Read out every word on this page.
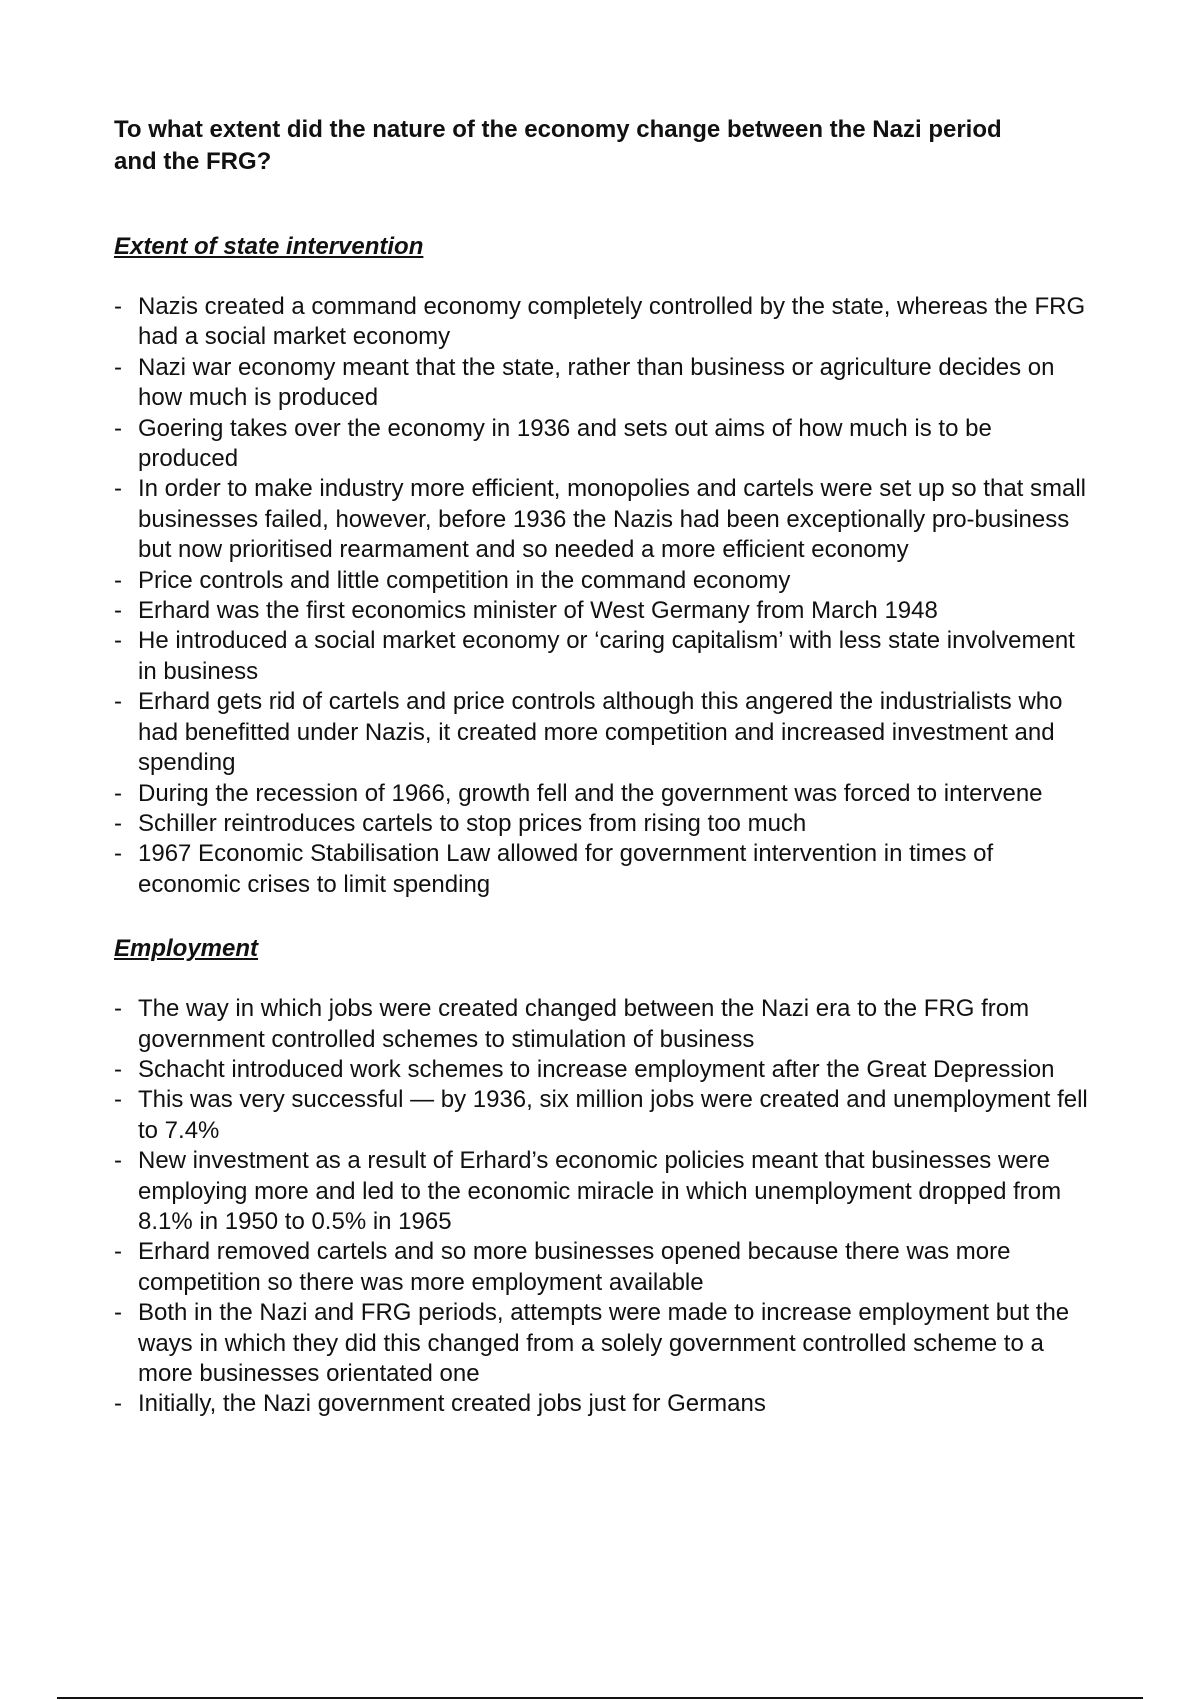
To what extent did the nature of the economy change between the Nazi period and the FRG?
Extent of state intervention
- Nazis created a command economy completely controlled by the state, whereas the FRG had a social market economy
- Nazi war economy meant that the state, rather than business or agriculture decides on how much is produced
- Goering takes over the economy in 1936 and sets out aims of how much is to be produced
- In order to make industry more efficient, monopolies and cartels were set up so that small businesses failed, however, before 1936 the Nazis had been exceptionally pro-business but now prioritised rearmament and so needed a more efficient economy
- Price controls and little competition in the command economy
- Erhard was the first economics minister of West Germany from March 1948
- He introduced a social market economy or ‘caring capitalism’ with less state involvement in business
- Erhard gets rid of cartels and price controls although this angered the industrialists who had benefitted under Nazis, it created more competition and increased investment and spending
- During the recession of 1966, growth fell and the government was forced to intervene
- Schiller reintroduces cartels to stop prices from rising too much
- 1967 Economic Stabilisation Law allowed for government intervention in times of economic crises to limit spending
Employment
- The way in which jobs were created changed between the Nazi era to the FRG from government controlled schemes to stimulation of business
- Schacht introduced work schemes to increase employment after the Great Depression
- This was very successful — by 1936, six million jobs were created and unemployment fell to 7.4%
- New investment as a result of Erhard’s economic policies meant that businesses were employing more and led to the economic miracle in which unemployment dropped from 8.1% in 1950 to 0.5% in 1965
- Erhard removed cartels and so more businesses opened because there was more competition so there was more employment available
- Both in the Nazi and FRG periods, attempts were made to increase employment but the ways in which they did this changed from a solely government controlled scheme to a more businesses orientated one
- Initially, the Nazi government created jobs just for Germans
